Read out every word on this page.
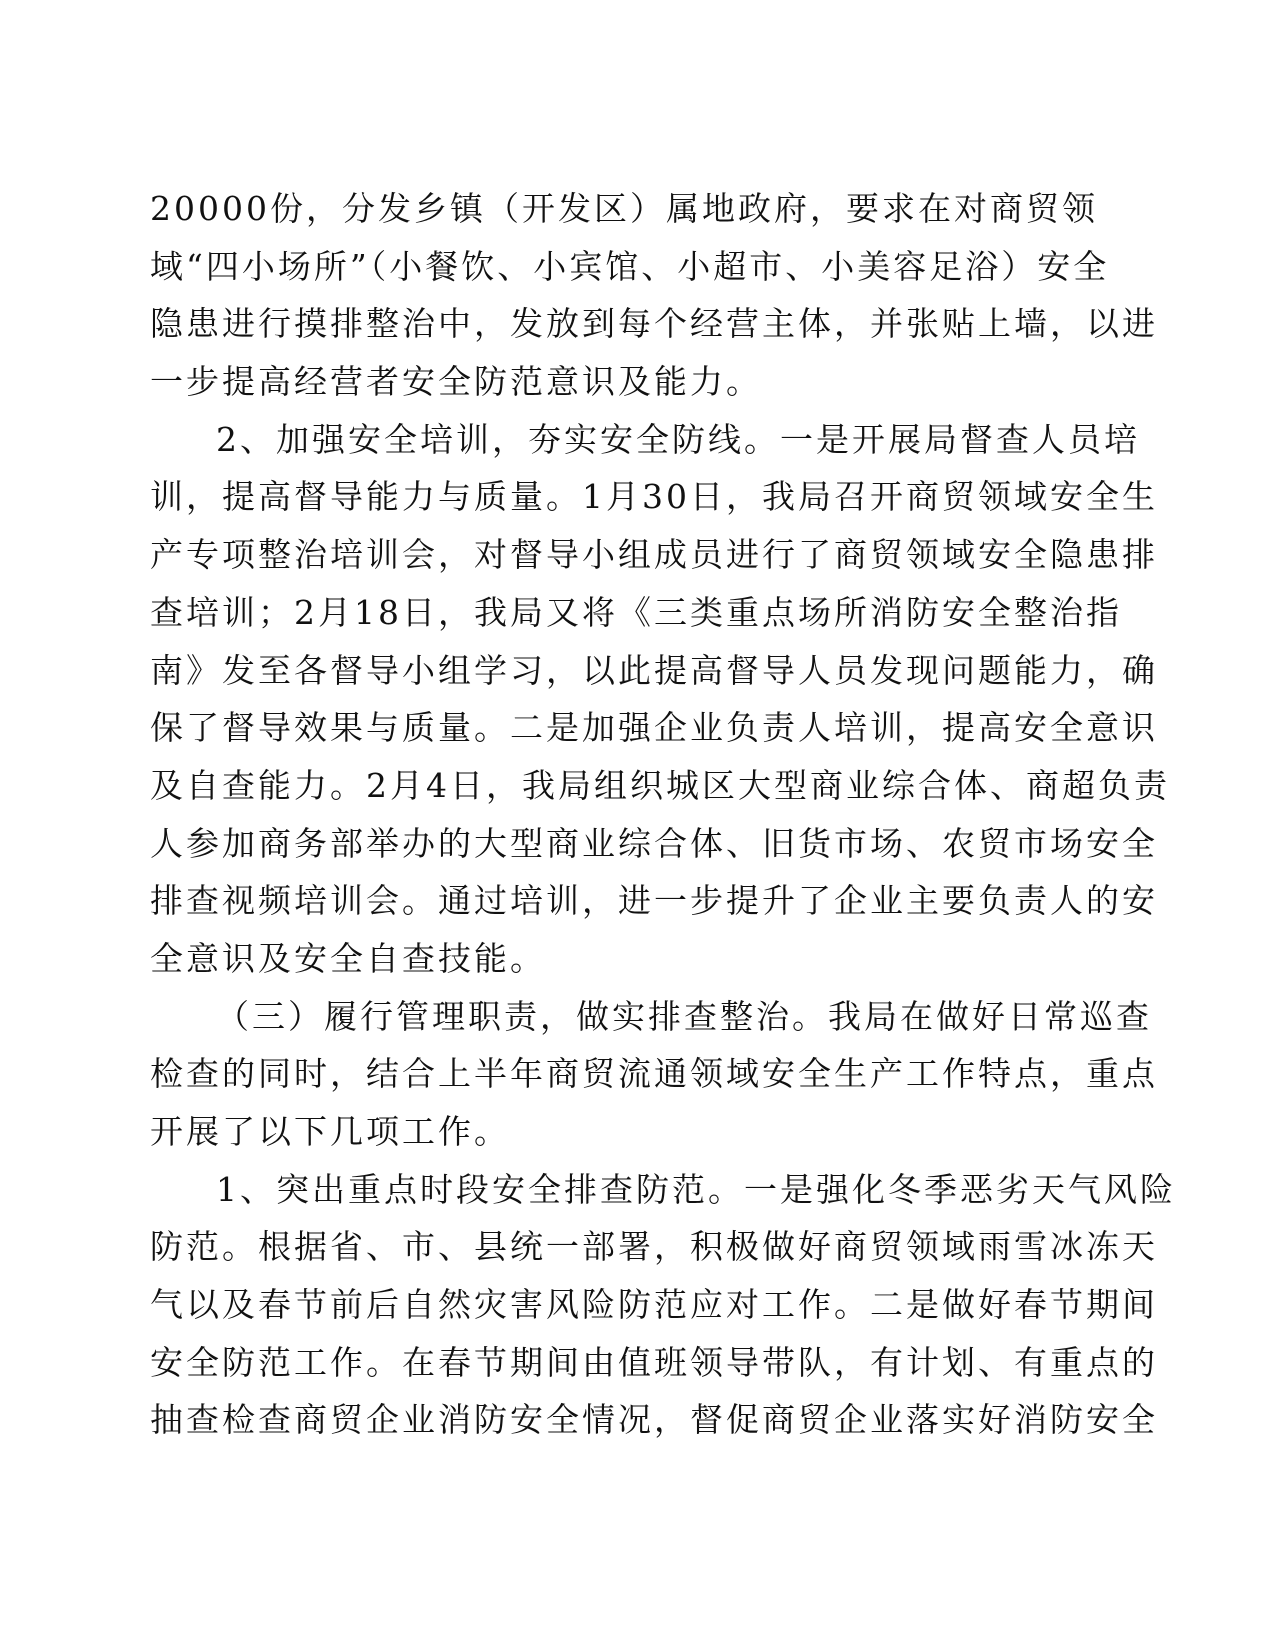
20000份，分发乡镇（开发区）属地政府，要求在对商贸领
域“四小场所”（小餐饮、小宾馆、小超市、小美容足浴）安全
隐患进行摸排整治中，发放到每个经营主体，并张贴上墙，以进
一步提高经营者安全防范意识及能力。
2、加强安全培训，夯实安全防线。一是开展局督查人员培
训，提高督导能力与质量。1月30日，我局召开商贸领域安全生
产专项整治培训会，对督导小组成员进行了商贸领域安全隐患排
查培训；2月18日，我局又将《三类重点场所消防安全整治指
南》发至各督导小组学习，以此提高督导人员发现问题能力，确
保了督导效果与质量。二是加强企业负责人培训，提高安全意识
及自查能力。2月4日，我局组织城区大型商业综合体、商超负责
人参加商务部举办的大型商业综合体、旧货市场、农贸市场安全
排查视频培训会。通过培训，进一步提升了企业主要负责人的安
全意识及安全自查技能。
（三）履行管理职责，做实排查整治。我局在做好日常巡查
检查的同时，结合上半年商贸流通领域安全生产工作特点，重点
开展了以下几项工作。
1、突出重点时段安全排查防范。一是强化冬季恶劣天气风险
防范。根据省、市、县统一部署，积极做好商贸领域雨雪冰冻天
气以及春节前后自然灾害风险防范应对工作。二是做好春节期间
安全防范工作。在春节期间由值班领导带队，有计划、有重点的
抽查检查商贸企业消防安全情况，督促商贸企业落实好消防安全
